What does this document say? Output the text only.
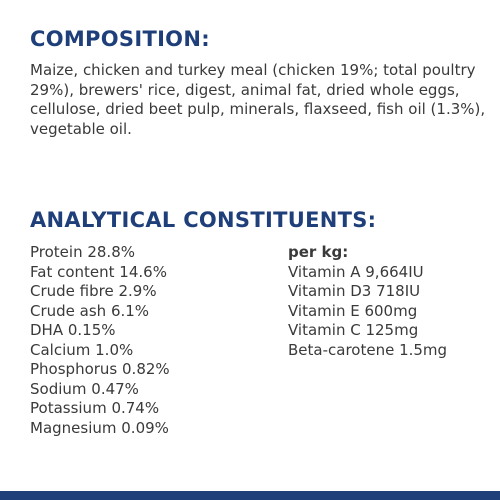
COMPOSITION:

Maize, chicken and turkey meal (chicken 19%; total poultry 29%), brewers' rice, digest, animal fat, dried whole eggs, cellulose, dried beet pulp, minerals, flaxseed, fish oil (1.3%), vegetable oil.

ANALYTICAL CONSTITUENTS:
Protein 28.8%
Fat content 14.6%
Crude fibre 2.9%
Crude ash 6.1%
DHA 0.15%
Calcium 1.0%
Phosphorus 0.82%
Sodium 0.47%
Potassium 0.74%
Magnesium 0.09%
per kg:
Vitamin A 9,664IU
Vitamin D3 718IU
Vitamin E 600mg
Vitamin C 125mg
Beta-carotene 1.5mg
